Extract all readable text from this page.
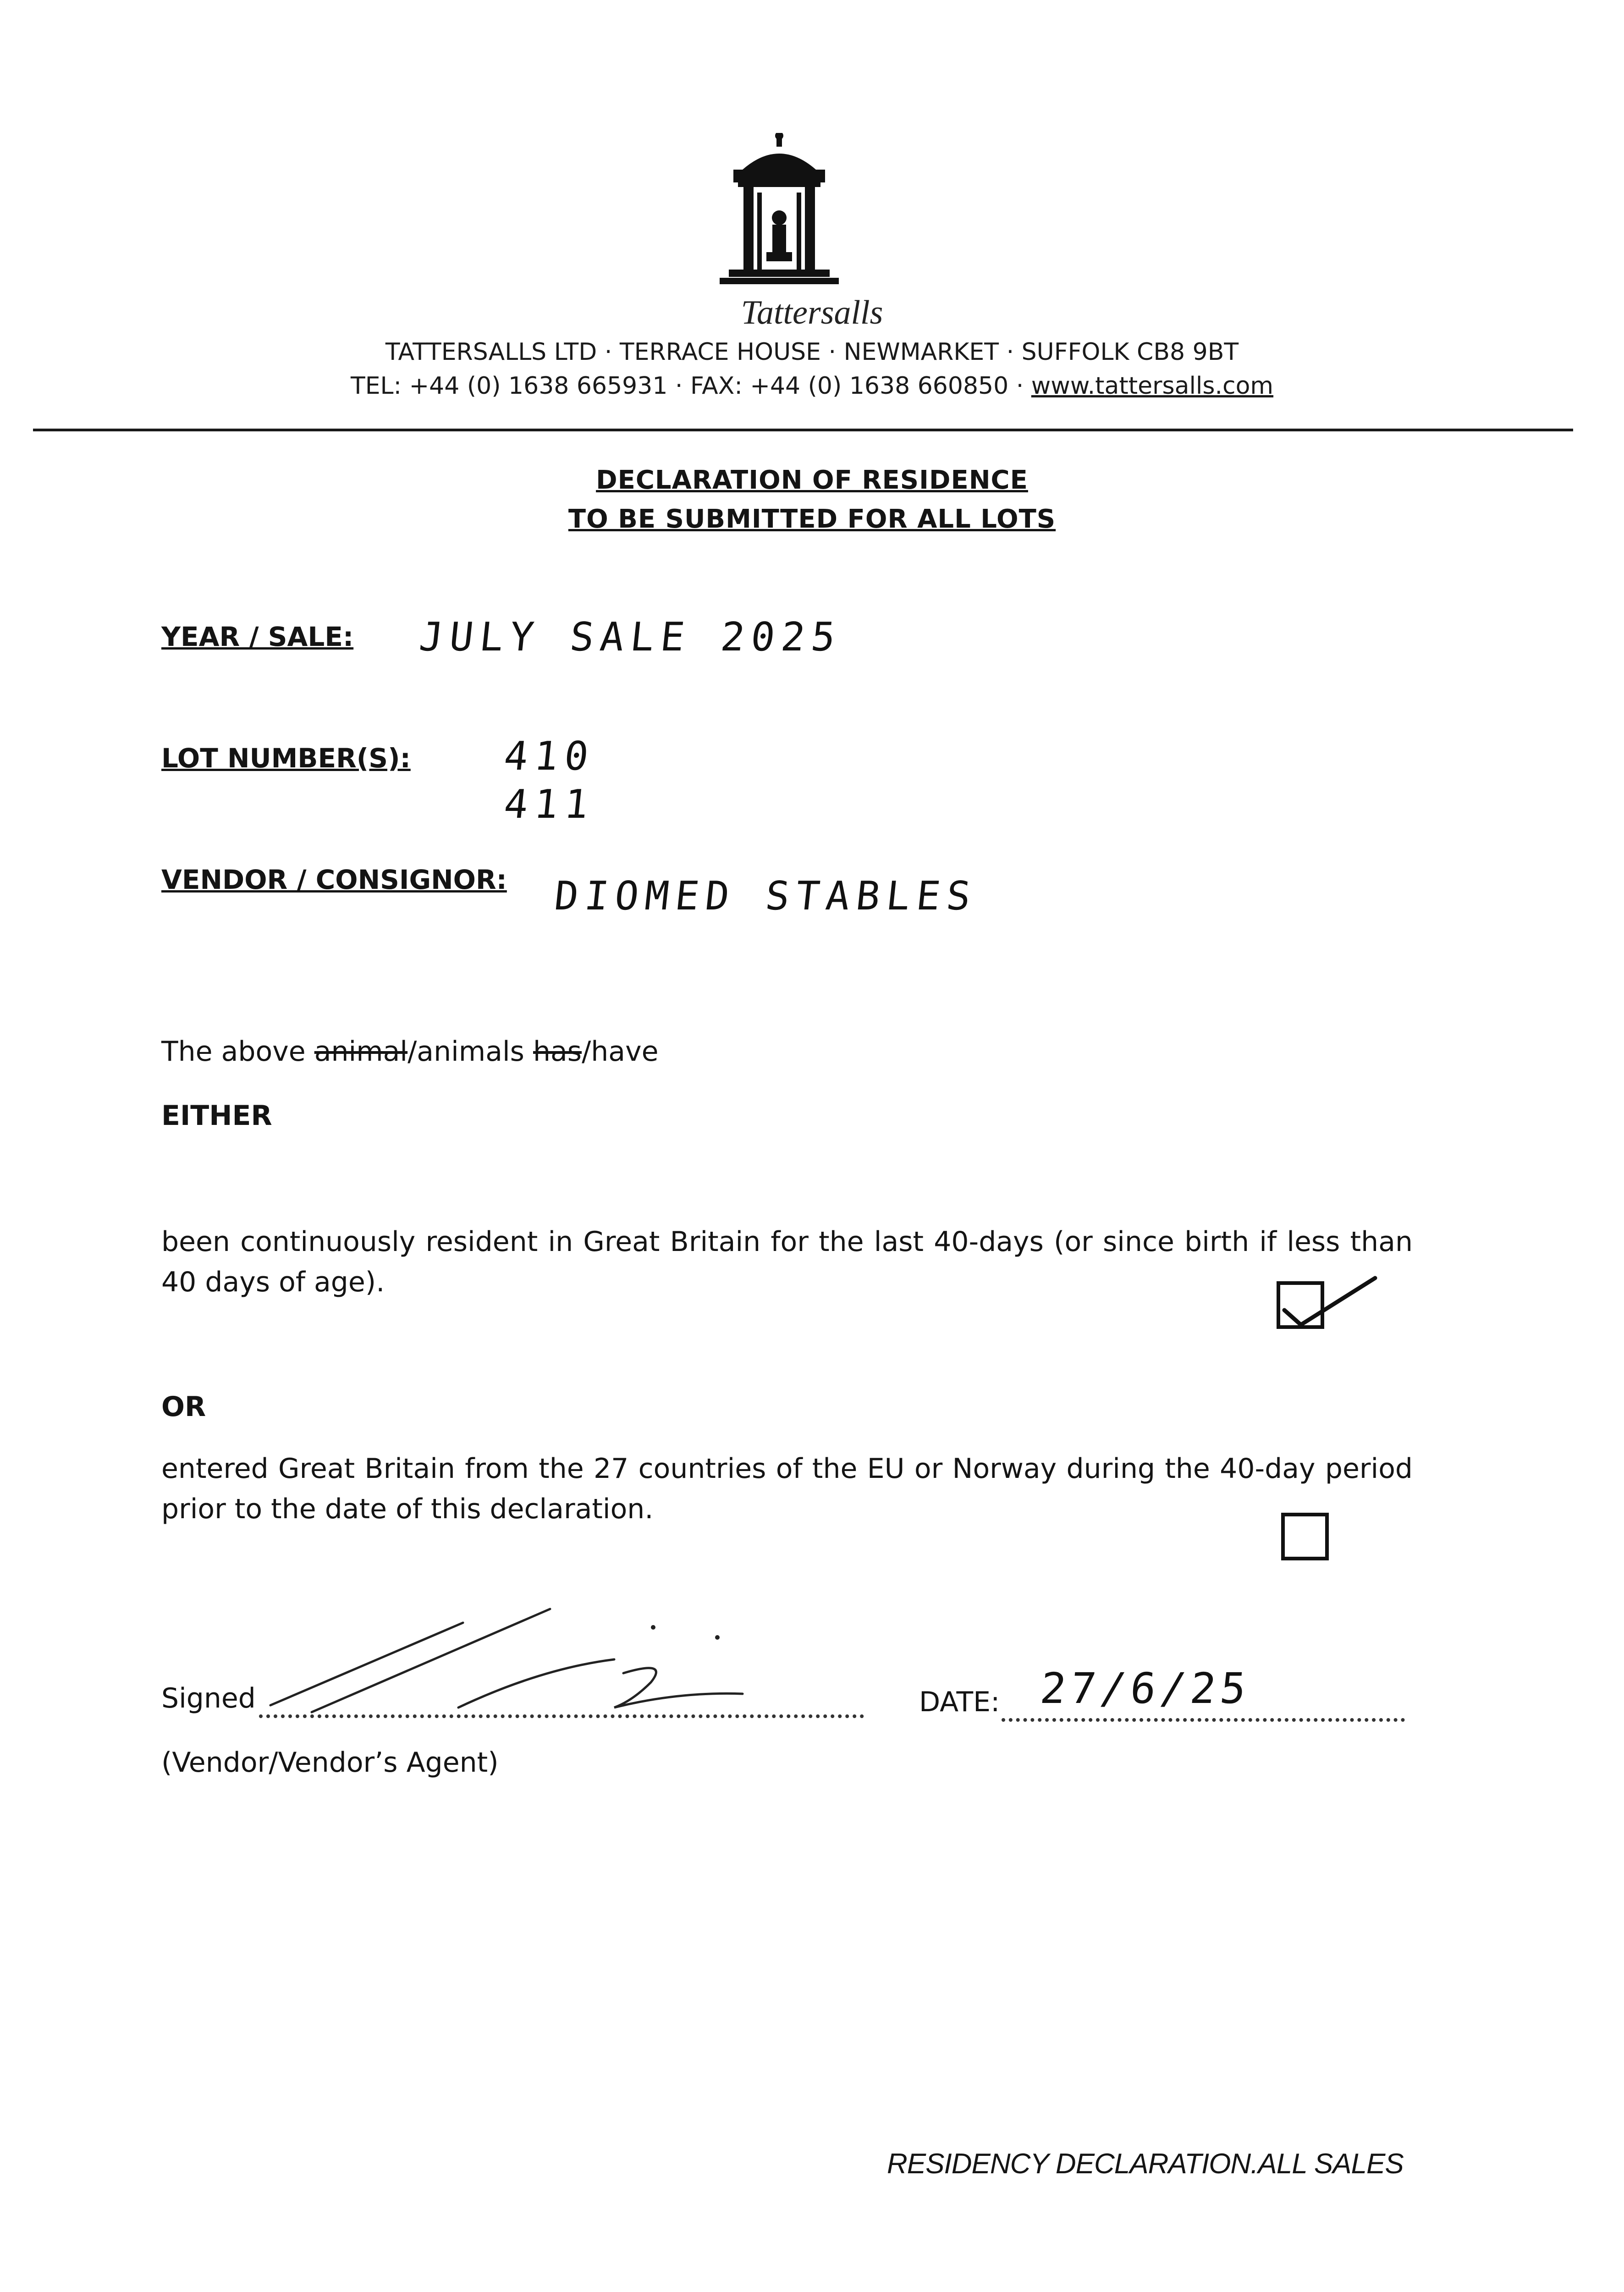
Tattersalls
TATTERSALLS LTD · TERRACE HOUSE · NEWMARKET · SUFFOLK CB8 9BT
TEL: +44 (0) 1638 665931 · FAX: +44 (0) 1638 660850 · www.tattersalls.com
DECLARATION OF RESIDENCE
TO BE SUBMITTED FOR ALL LOTS
YEAR / SALE: JULY SALE 2025
LOT NUMBER(S): 410
411
VENDOR / CONSIGNOR: DIOMED STABLES
The above animal/animals has/have
EITHER
been continuously resident in Great Britain for the last 40-days (or since birth if less than 40 days of age).
OR
entered Great Britain from the 27 countries of the EU or Norway during the 40-day period prior to the date of this declaration.
Signed	DATE: 27/6/25
(Vendor/Vendor’s Agent)
RESIDENCY DECLARATION.ALL SALES
